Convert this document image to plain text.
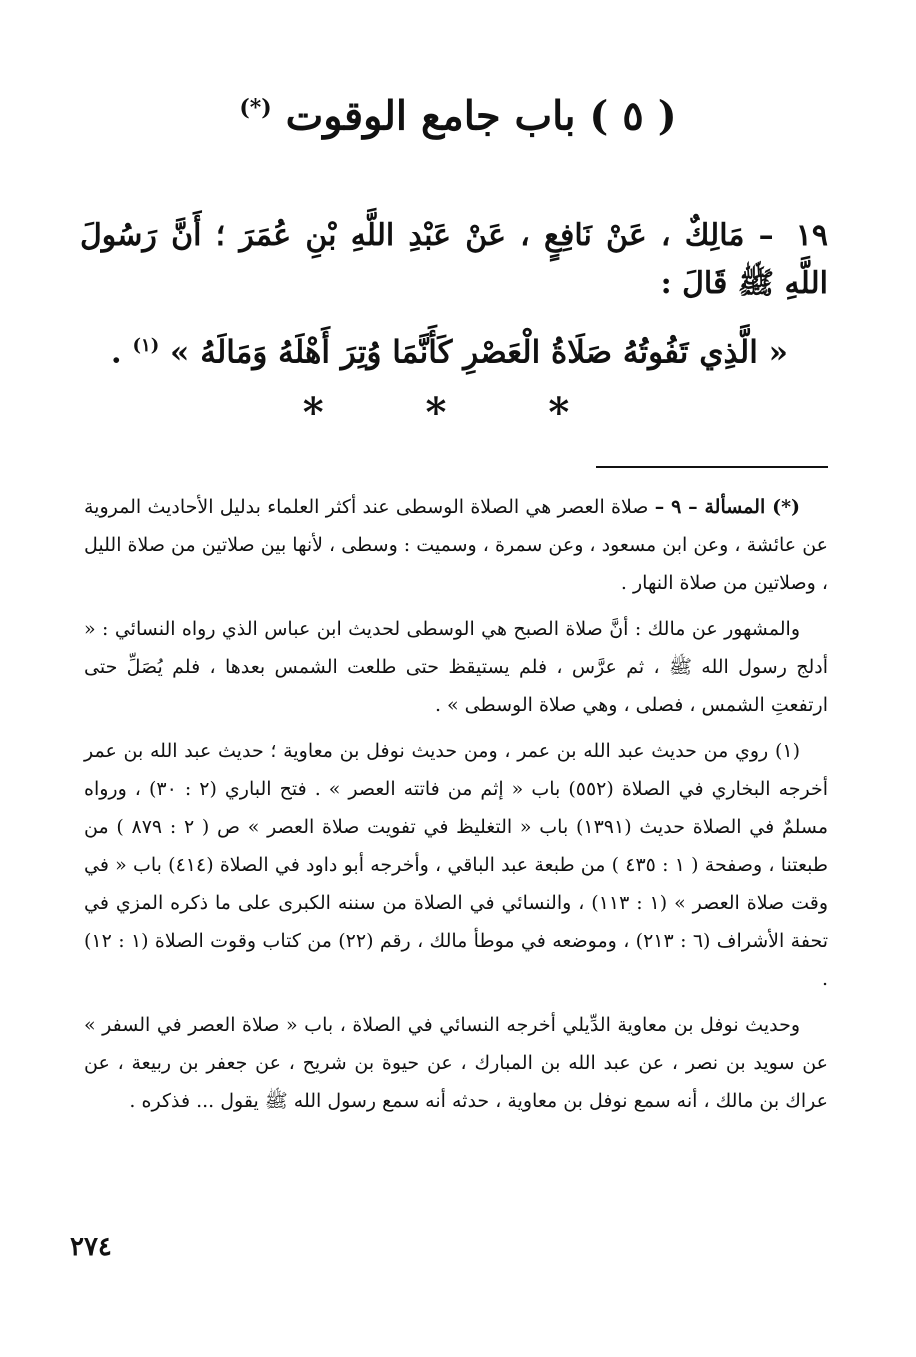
( ٥ ) باب جامع الوقوت (*)
١٩ – مَالِكٌ ، عَنْ نَافِعٍ ، عَنْ عَبْدِ اللَّهِ بْنِ عُمَرَ ؛ أَنَّ رَسُولَ اللَّهِ ﷺ قَالَ :
« الَّذِي تَفُوتُهُ صَلَاةُ الْعَصْرِ كَأَنَّمَا وُتِرَ أَهْلَهُ وَمَالَهُ » $^{(١)}$ .
* * *

(*) المسألة – ٩ – صلاة العصر هي الصلاة الوسطى عند أكثر العلماء بدليل الأحاديث المروية عن عائشة ، وعن ابن مسعود ، وعن سمرة ، وسميت : وسطى ، لأنها بين صلاتين من صلاة الليل ، وصلاتين من صلاة النهار .

والمشهور عن مالك : أنَّ صلاة الصبح هي الوسطى لحديث ابن عباس الذي رواه النسائي : « أدلج رسول الله ﷺ ، ثم عرَّس ، فلم يستيقظ حتى طلعت الشمس بعدها ، فلم يُصَلِّ حتى ارتفعتِ الشمس ، فصلى ، وهي صلاة الوسطى » .

(١) روي من حديث عبد الله بن عمر ، ومن حديث نوفل بن معاوية ؛ حديث عبد الله بن عمر أخرجه البخاري في الصلاة (٥٥٢) باب « إثم من فاتته العصر » . فتح الباري (٢ : ٣٠) ، ورواه مسلمٌ في الصلاة حديث (١٣٩١) باب « التغليظ في تفويت صلاة العصر » ص ( ٢ : ٨٧٩ ) من طبعتنا ، وصفحة ( ١ : ٤٣٥ ) من طبعة عبد الباقي ، وأخرجه أبو داود في الصلاة (٤١٤) باب « في وقت صلاة العصر » (١ : ١١٣) ، والنسائي في الصلاة من سننه الكبرى على ما ذكره المزي في تحفة الأشراف (٦ : ٢١٣) ، وموضعه في موطأ مالك ، رقم (٢٢) من كتاب وقوت الصلاة (١ : ١٢) .

وحديث نوفل بن معاوية الدِّيلي أخرجه النسائي في الصلاة ، باب « صلاة العصر في السفر » عن سويد بن نصر ، عن عبد الله بن المبارك ، عن حيوة بن شريح ، عن جعفر بن ربيعة ، عن عراك بن مالك ، أنه سمع نوفل بن معاوية ، حدثه أنه سمع رسول الله ﷺ يقول ... فذكره .

٢٧٤
